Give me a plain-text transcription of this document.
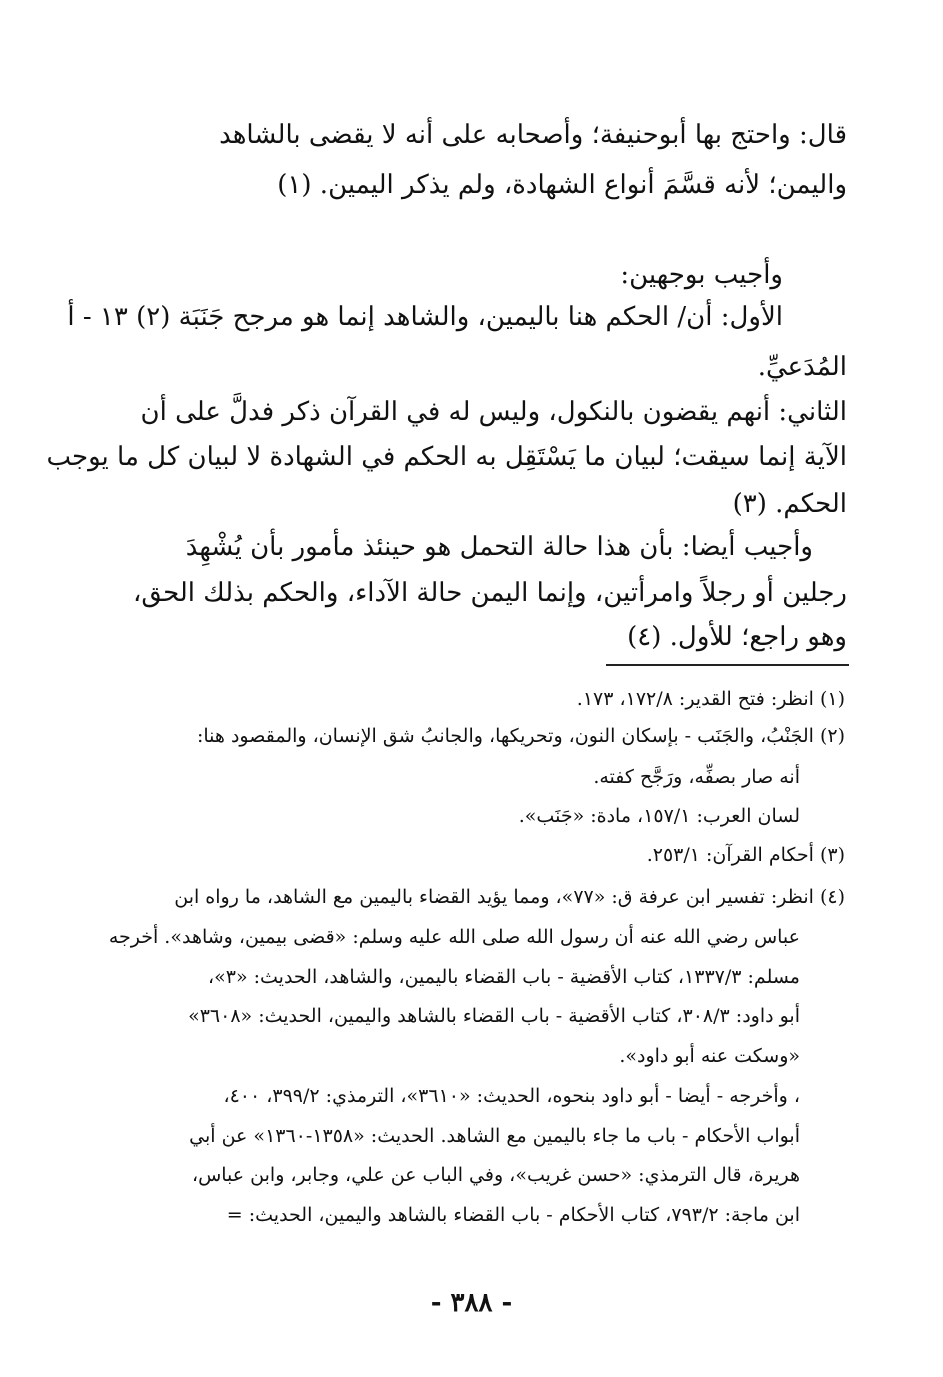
قال: واحتج بها أبوحنيفة؛ وأصحابه على أنه لا يقضى بالشاهد
واليمن؛ لأنه قسَّمَ أنواع الشهادة، ولم يذكر اليمين. (١)
وأجيب بوجهين:
الأول: أن/ الحكم هنا باليمين، والشاهد إنما هو مرجح جَنَبَة (٢) ١٣ - أ
المُدَعيِّ.
الثاني: أنهم يقضون بالنكول، وليس له في القرآن ذكر فدلَّ على أن
الآية إنما سيقت؛ لبيان ما يَسْتَقِل به الحكم في الشهادة لا لبيان كل ما يوجب
الحكم. (٣)
وأجيب أيضا: بأن هذا حالة التحمل هو حينئذ مأمور بأن يُشْهِدَ
رجلين أو رجلاً وامرأتين، وإنما اليمن حالة الآداء، والحكم بذلك الحق،
وهو راجع؛ للأول. (٤)
(١)انظر: فتح القدير: ١٧٢/٨، ١٧٣.
(٢)الجَنْبُ، والجَنَب - بإسكان النون، وتحريكها، والجانبُ شق الإنسان، والمقصود هنا:
أنه صار بصفِّه، ورَجَّح كفته.
لسان العرب: ١٥٧/١، مادة: «جَنَب».
(٣)أحكام القرآن: ٢٥٣/١.
(٤)انظر: تفسير ابن عرفة ق: «٧٧»، ومما يؤيد القضاء باليمين مع الشاهد، ما رواه ابن
عباس رضي الله عنه أن رسول الله صلى الله عليه وسلم: «قضى بيمين، وشاهد». أخرجه
مسلم: ١٣٣٧/٣، كتاب الأقضية - باب القضاء باليمين، والشاهد، الحديث: «٣»،
أبو داود: ٣٠٨/٣، كتاب الأقضية - باب القضاء بالشاهد واليمين، الحديث: «٣٦٠٨»
«وسكت عنه أبو داود».
، وأخرجه - أيضا - أبو داود بنحوه، الحديث: «٣٦١٠»، الترمذي: ٣٩٩/٢، ٤٠٠،
أبواب الأحكام - باب ما جاء باليمين مع الشاهد. الحديث: «١٣٥٨-١٣٦٠» عن أبي
هريرة، قال الترمذي: «حسن غريب»، وفي الباب عن علي، وجابر، وابن عباس،
ابن ماجة: ٧٩٣/٢، كتاب الأحكام - باب القضاء بالشاهد واليمين، الحديث: =
- ٣٨٨ -
